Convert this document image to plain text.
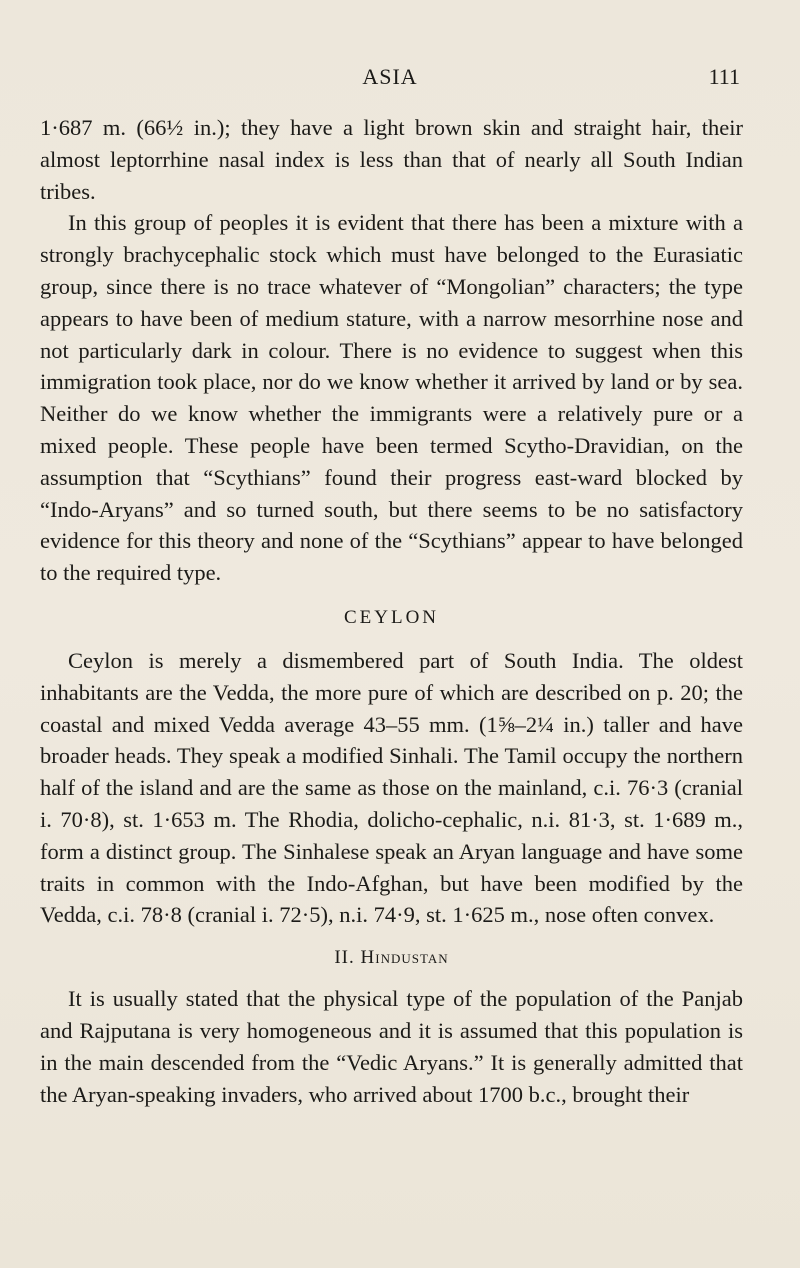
ASIA	111

1·687 m. (66½ in.); they have a light brown skin and straight hair, their almost leptorrhine nasal index is less than that of nearly all South Indian tribes.

In this group of peoples it is evident that there has been a mixture with a strongly brachycephalic stock which must have belonged to the Eurasiatic group, since there is no trace whatever of “Mongolian” characters; the type appears to have been of medium stature, with a narrow mesorrhine nose and not particularly dark in colour. There is no evidence to suggest when this immigration took place, nor do we know whether it arrived by land or by sea. Neither do we know whether the immigrants were a relatively pure or a mixed people. These people have been termed Scytho-Dravidian, on the assumption that “Scythians” found their progress east-ward blocked by “Indo-Aryans” and so turned south, but there seems to be no satisfactory evidence for this theory and none of the “Scythians” appear to have belonged to the required type.

CEYLON

Ceylon is merely a dismembered part of South India. The oldest inhabitants are the Vedda, the more pure of which are described on p. 20; the coastal and mixed Vedda average 43–55 mm. (1⅝–2¼ in.) taller and have broader heads. They speak a modified Sinhali. The Tamil occupy the northern half of the island and are the same as those on the mainland, c.i. 76·3 (cranial i. 70·8), st. 1·653 m. The Rhodia, dolicho-cephalic, n.i. 81·3, st. 1·689 m., form a distinct group. The Sinhalese speak an Aryan language and have some traits in common with the Indo-Afghan, but have been modified by the Vedda, c.i. 78·8 (cranial i. 72·5), n.i. 74·9, st. 1·625 m., nose often convex.

II. Hindustan

It is usually stated that the physical type of the population of the Panjab and Rajputana is very homogeneous and it is assumed that this population is in the main descended from the “Vedic Aryans.” It is generally admitted that the Aryan-speaking invaders, who arrived about 1700 b.c., brought their
